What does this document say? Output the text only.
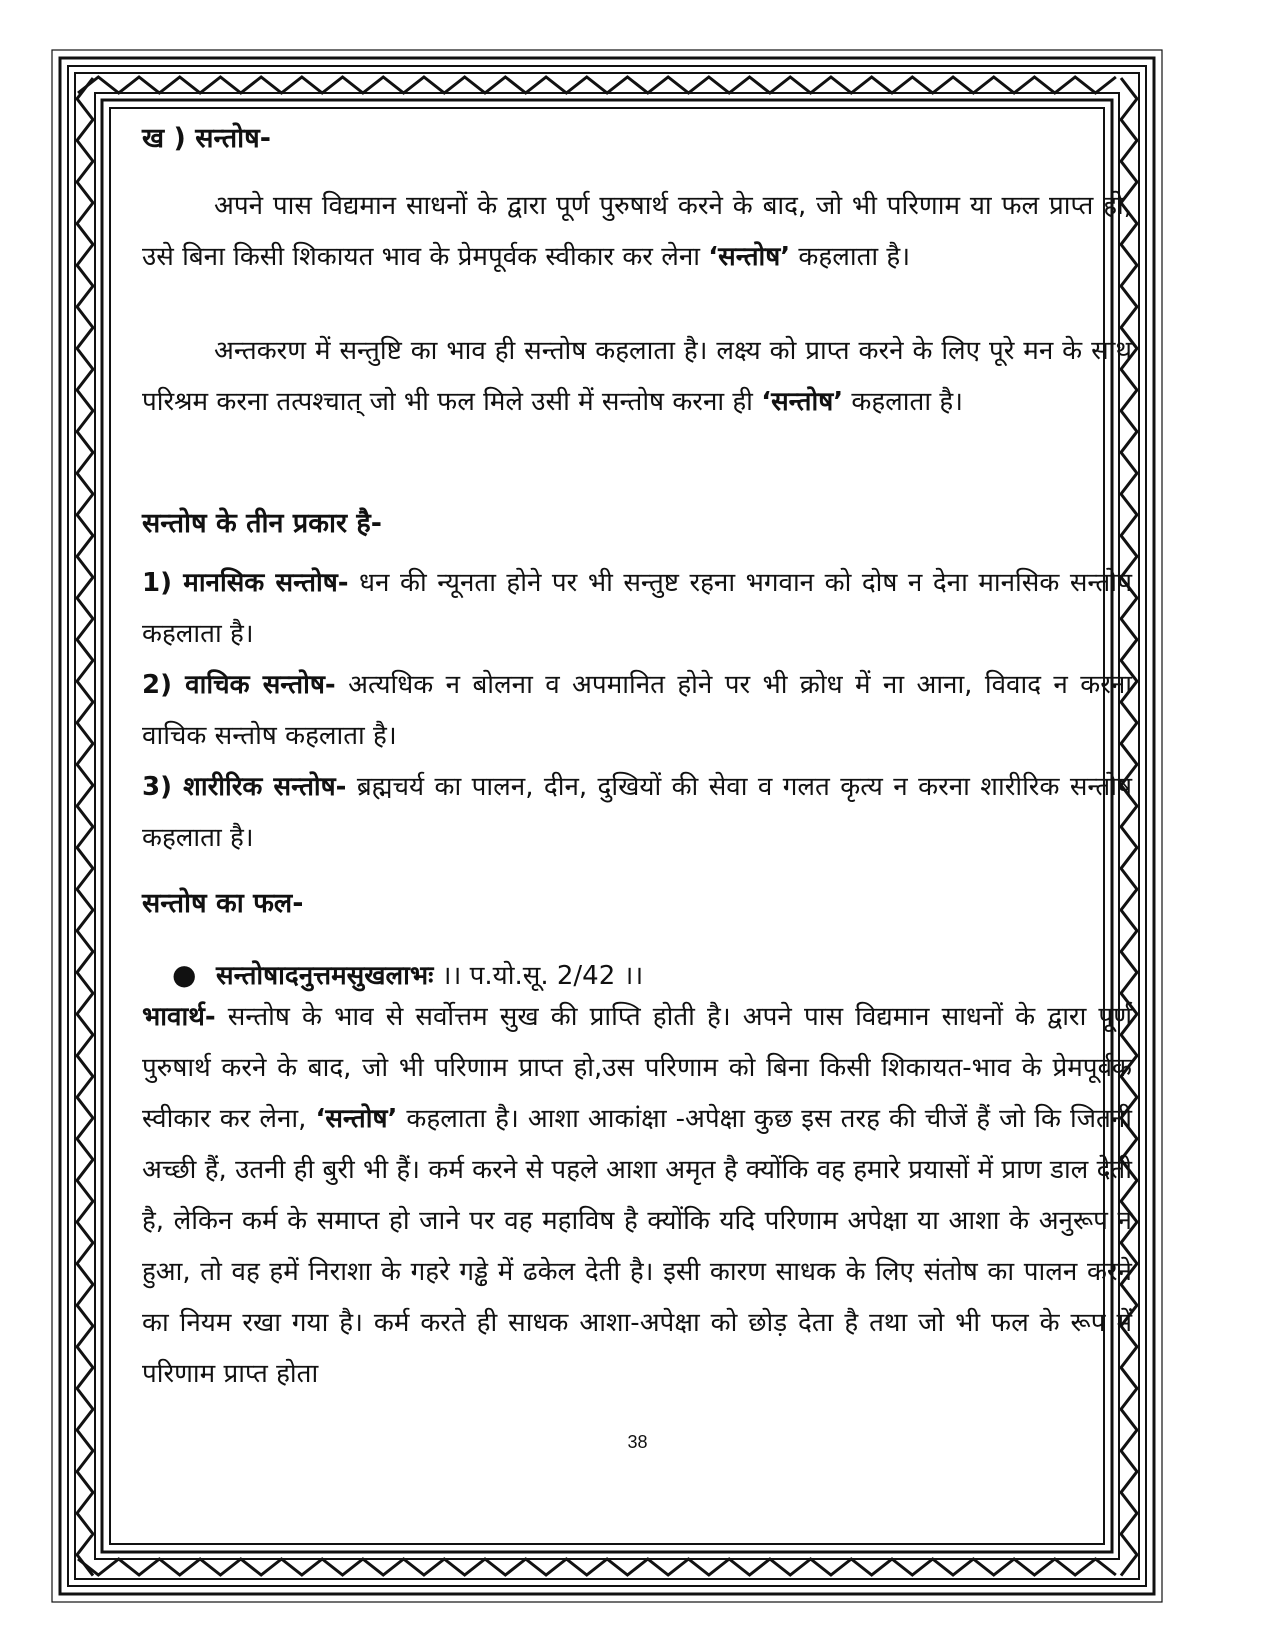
ख ) सन्तोष-
अपने पास विद्यमान साधनों के द्वारा पूर्ण पुरुषार्थ करने के बाद, जो भी परिणाम या फल प्राप्त हो, उसे बिना किसी शिकायत भाव के प्रेमपूर्वक स्वीकार कर लेना ‘सन्तोष’ कहलाता है।
अन्तकरण में सन्तुष्टि का भाव ही सन्तोष कहलाता है। लक्ष्य को प्राप्त करने के लिए पूरे मन के साथ परिश्रम करना तत्पश्चात् जो भी फल मिले उसी में सन्तोष करना ही ‘सन्तोष’ कहलाता है।
सन्तोष के तीन प्रकार है-
1) मानसिक सन्तोष- धन की न्यूनता होने पर भी सन्तुष्ट रहना भगवान को दोष न देना मानसिक सन्तोष कहलाता है।
2) वाचिक सन्तोष- अत्यधिक न बोलना व अपमानित होने पर भी क्रोध में ना आना, विवाद न करना वाचिक सन्तोष कहलाता है।
3) शारीरिक सन्तोष- ब्रह्मचर्य का पालन, दीन, दुखियों की सेवा व गलत कृत्य न करना शारीरिक सन्तोष कहलाता है।
सन्तोष का फल-
● सन्तोषादनुत्तमसुखलाभः ।। प.यो.सू. 2/42 ।।
भावार्थ- सन्तोष के भाव से सर्वोत्तम सुख की प्राप्ति होती है। अपने पास विद्यमान साधनों के द्वारा पूर्ण पुरुषार्थ करने के बाद, जो भी परिणाम प्राप्त हो,उस परिणाम को बिना किसी शिकायत-भाव के प्रेमपूर्वक स्वीकार कर लेना, ‘सन्तोष’ कहलाता है। आशा आकांक्षा -अपेक्षा कुछ इस तरह की चीजें हैं जो कि जितनी अच्छी हैं, उतनी ही बुरी भी हैं। कर्म करने से पहले आशा अमृत है क्योंकि वह हमारे प्रयासों में प्राण डाल देती है, लेकिन कर्म के समाप्त हो जाने पर वह महाविष है क्योंकि यदि परिणाम अपेक्षा या आशा के अनुरूप न हुआ, तो वह हमें निराशा के गहरे गड्ढे में ढकेल देती है। इसी कारण साधक के लिए संतोष का पालन करने का नियम रखा गया है। कर्म करते ही साधक आशा-अपेक्षा को छोड़ देता है तथा जो भी फल के रूप में परिणाम प्राप्त होता
38
